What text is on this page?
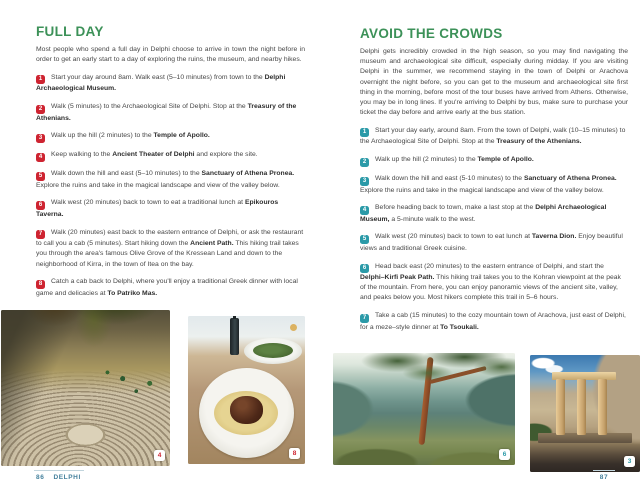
FULL DAY

Most people who spend a full day in Delphi choose to arrive in town the night before in order to get an early start to a day of exploring the ruins, the museum, and nearby hikes.

1 Start your day around 8am. Walk east (5–10 minutes) from town to the Delphi Archaeological Museum.

2 Walk (5 minutes) to the Archaeological Site of Delphi. Stop at the Treasury of the Athenians.

3 Walk up the hill (2 minutes) to the Temple of Apollo.

4 Keep walking to the Ancient Theater of Delphi and explore the site.

5 Walk down the hill and east (5–10 minutes) to the Sanctuary of Athena Pronea. Explore the ruins and take in the magical landscape and view of the valley below.

6 Walk west (20 minutes) back to town to eat a traditional lunch at Epikouros Taverna.

7 Walk (20 minutes) east back to the eastern entrance of Delphi, or ask the restaurant to call you a cab (5 minutes). Start hiking down the Ancient Path. This hiking trail takes you through the area's famous Olive Grove of the Kressean Land and down to the neighborhood of Kirra, in the town of Itea on the bay.

8 Catch a cab back to Delphi, where you'll enjoy a traditional Greek dinner with local game and delicacies at To Patriko Mas.

AVOID THE CROWDS

Delphi gets incredibly crowded in the high season, so you may find navigating the museum and archaeological site difficult, especially during midday. If you are visiting Delphi in the summer, we recommend staying in the town of Delphi or Arachova overnight the night before, so you can get to the museum and archaeological site first thing in the morning, before most of the tour buses have arrived from Athens. Otherwise, you may be in long lines. If you're arriving to Delphi by bus, make sure to purchase your ticket the day before and arrive early at the bus station.

1 Start your day early, around 8am. From the town of Delphi, walk (10–15 minutes) to the Archaeological Site of Delphi. Stop at the Treasury of the Athenians.

2 Walk up the hill (2 minutes) to the Temple of Apollo.

3 Walk down the hill and east (5-10 minutes) to the Sanctuary of Athena Pronea. Explore the ruins and take in the magical landscape and view of the valley below.

4 Before heading back to town, make a last stop at the Delphi Archaeological Museum, a 5-minute walk to the west.

5 Walk west (20 minutes) back to town to eat lunch at Taverna Dion. Enjoy beautiful views and traditional Greek cuisine.

6 Head back east (20 minutes) to the eastern entrance of Delphi, and start the Delphi–Kirfi Peak Path. This hiking trail takes you to the Kohran viewpoint at the peak of the mountain. From here, you can enjoy panoramic views of the ancient site, valley, and peaks below you. Most hikers complete this trail in 5–6 hours.

7 Take a cab (15 minutes) to the cozy mountain town of Arachova, just east of Delphi, for a meze–style dinner at To Tsoukali.

4	8	6
3
86 DELPHI	87
